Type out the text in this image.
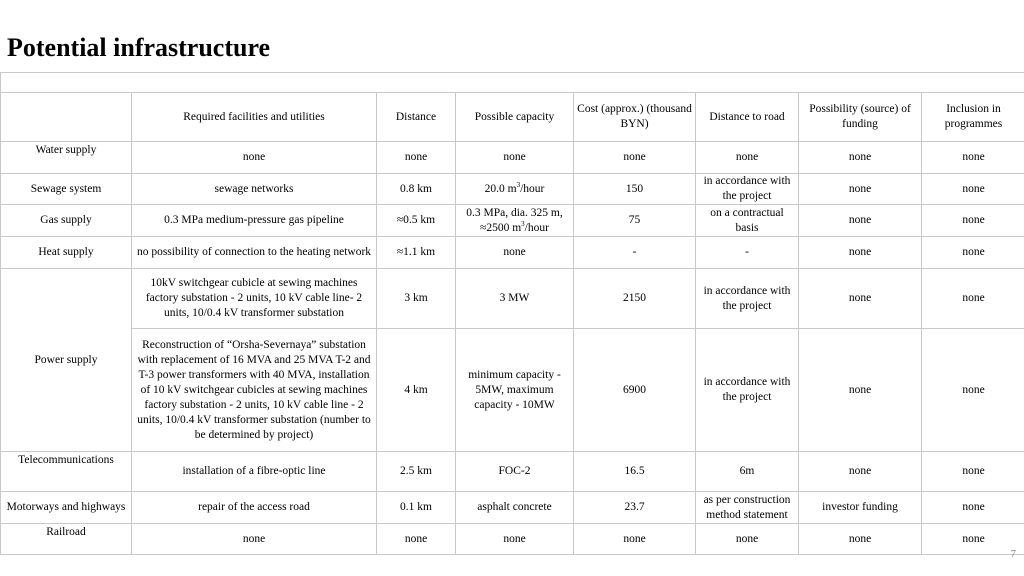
Potential infrastructure

	Required facilities and utilities	Distance	Possible capacity	Cost (approx.) (thousand BYN)	Distance to road	Possibility (source) of funding	Inclusion in programmes
Water supply	none	none	none	none	none	none	none
Sewage system	sewage networks	0.8 km	20.0 $m^3$/hour	150	in accordance with the project	none	none
Gas supply	0.3 MPa medium-pressure gas pipeline	≈0.5 km	0.3 MPa, dia. 325 m, ≈2500 $m^3$/hour	75	on a contractual basis	none	none
Heat supply	no possibility of connection to the heating network	≈1.1 km	none	-	-	none	none
Power supply	10kV switchgear cubicle at sewing machines factory substation - 2 units, 10 kV cable line- 2 units, 10/0.4 kV transformer substation	3 km	3 MW	2150	in accordance with the project	none	none
	Reconstruction of “Orsha-Severnaya” substation with replacement of 16 MVA and 25 MVA T-2 and T-3 power transformers with 40 MVA, installation of 10 kV switchgear cubicles at sewing machines factory substation - 2 units, 10 kV cable line - 2 units, 10/0.4 kV transformer substation (number to be determined by project)	4 km	minimum capacity - 5MW, maximum capacity - 10MW	6900	in accordance with the project	none	none
Telecommunications	installation of a fibre-optic line	2.5 km	FOC-2	16.5	6m	none	none
Motorways and highways	repair of the access road	0.1 km	asphalt concrete	23.7	as per construction method statement	investor funding	none
Railroad	none	none	none	none	none	none	none
7
